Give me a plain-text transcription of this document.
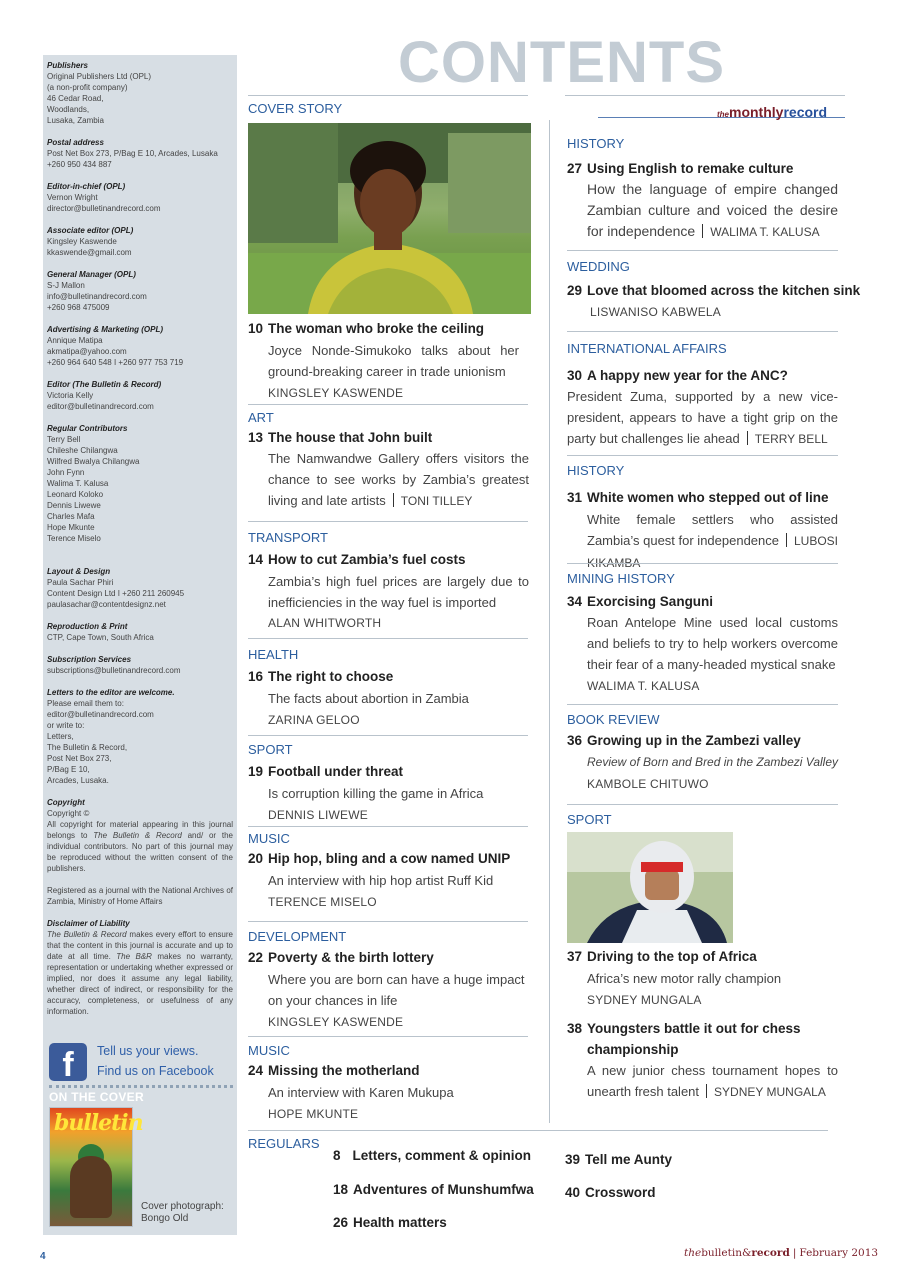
Publishers
Original Publishers Ltd (OPL)
(a non-profit company)
46 Cedar Road,
Woodlands,
Lusaka, Zambia
Postal address
Post Net Box 273, P/Bag E 10, Arcades, Lusaka
+260 950 434 887
Editor-in-chief (OPL)
Vernon Wright
director@bulletinandrecord.com
Associate editor (OPL)
Kingsley Kaswende
kkaswende@gmail.com
General Manager (OPL)
S-J Mallon
info@bulletinandrecord.com
+260 968 475009
Advertising & Marketing (OPL)
Annique Matipa
akmatipa@yahoo.com
+260 964 640 548 I +260 977 753 719
Editor (The Bulletin & Record)
Victoria Kelly
editor@bulletinandrecord.com
Regular Contributors
Terry Bell
Chileshe Chilangwa
Wilfred Bwalya Chilangwa
John Fynn
Walima T. Kalusa
Leonard Koloko
Dennis Liwewe
Charles Mafa
Hope Mkunte
Terence Miselo
Layout & Design
Paula Sachar Phiri
Content Design Ltd I +260 211 260945
paulasachar@contentdesignz.net
Reproduction & Print
CTP, Cape Town, South Africa
Subscription Services
subscriptions@bulletinandrecord.com
Letters to the editor are welcome.
Please email them to:
editor@bulletinandrecord.com
or write to:
Letters,
The Bulletin & Record,
Post Net Box 273,
P/Bag E 10,
Arcades, Lusaka.
Copyright
Copyright ©
All copyright for material appearing in this journal belongs to The Bulletin & Record and/ or the individual contributors. No part of this journal may be reproduced without the written consent of the publishers.
Registered as a journal with the National Archives of Zambia, Ministry of Home Affairs
Disclaimer of Liability
The Bulletin & Record makes every effort to ensure that the content in this journal is accurate and up to date at all time. The B&R makes no warranty, representation or undertaking whether expressed or implied, nor does it assume any legal liability, whether direct of indirect, or responsibility for the accuracy, completeness, or usefulness of any information.
f	Tell us your views.
Find us on Facebook
ON THE COVER
bulletin
Cover photograph:
Bongo Old
CONTENTS
themonthlyrecord
COVER STORY
10 The woman who broke the ceiling
Joyce Nonde-Simukoko talks about her ground-breaking career in trade unionism
KINGSLEY KASWENDE
ART
13 The house that John built
The Namwandwe Gallery offers visitors the chance to see works by Zambia’s greatest living and late artists TONI TILLEY
TRANSPORT
14 How to cut Zambia’s fuel costs
Zambia’s high fuel prices are largely due to inefficiencies in the way fuel is imported
ALAN WHITWORTH
HEALTH
16 The right to choose
The facts about abortion in Zambia
ZARINA GELOO
SPORT
19 Football under threat
Is corruption killing the game in Africa
DENNIS LIWEWE
MUSIC
20 Hip hop, bling and a cow named UNIP
An interview with hip hop artist Ruff Kid
TERENCE MISELO
DEVELOPMENT
22 Poverty & the birth lottery
Where you are born can have a huge impact on your chances in life
KINGSLEY KASWENDE
MUSIC
24 Missing the motherland
An interview with Karen Mukupa
HOPE MKUNTE
HISTORY
27 Using English to remake culture
How the language of empire changed Zambian culture and voiced the desire for independence WALIMA T. KALUSA
WEDDING
29 Love that bloomed across the kitchen sink
LISWANISO KABWELA
INTERNATIONAL AFFAIRS
30 A happy new year for the ANC?
President Zuma, supported by a new vice-president, appears to have a tight grip on the party but challenges lie ahead TERRY BELL
HISTORY
31 White women who stepped out of line
White female settlers who assisted Zambia’s quest for independence LUBOSI KIKAMBA
MINING HISTORY
34 Exorcising Sanguni
Roan Antelope Mine used local customs and beliefs to try to help workers overcome their fear of a many-headed mystical snake
WALIMA T. KALUSA
BOOK REVIEW
36 Growing up in the Zambezi valley
Review of Born and Bred in the Zambezi Valley
KAMBOLE CHITUWO
SPORT
37 Driving to the top of Africa
Africa’s new motor rally champion
SYDNEY MUNGALA
38 Youngsters battle it out for chess
championship
A new junior chess tournament hopes to unearth fresh talent SYDNEY MUNGALA
REGULARS
8 Letters, comment & opinion
18 Adventures of Munshumfwa
26 Health matters
39 Tell me Aunty
40 Crossword
4	thebulletin&record | February 2013
